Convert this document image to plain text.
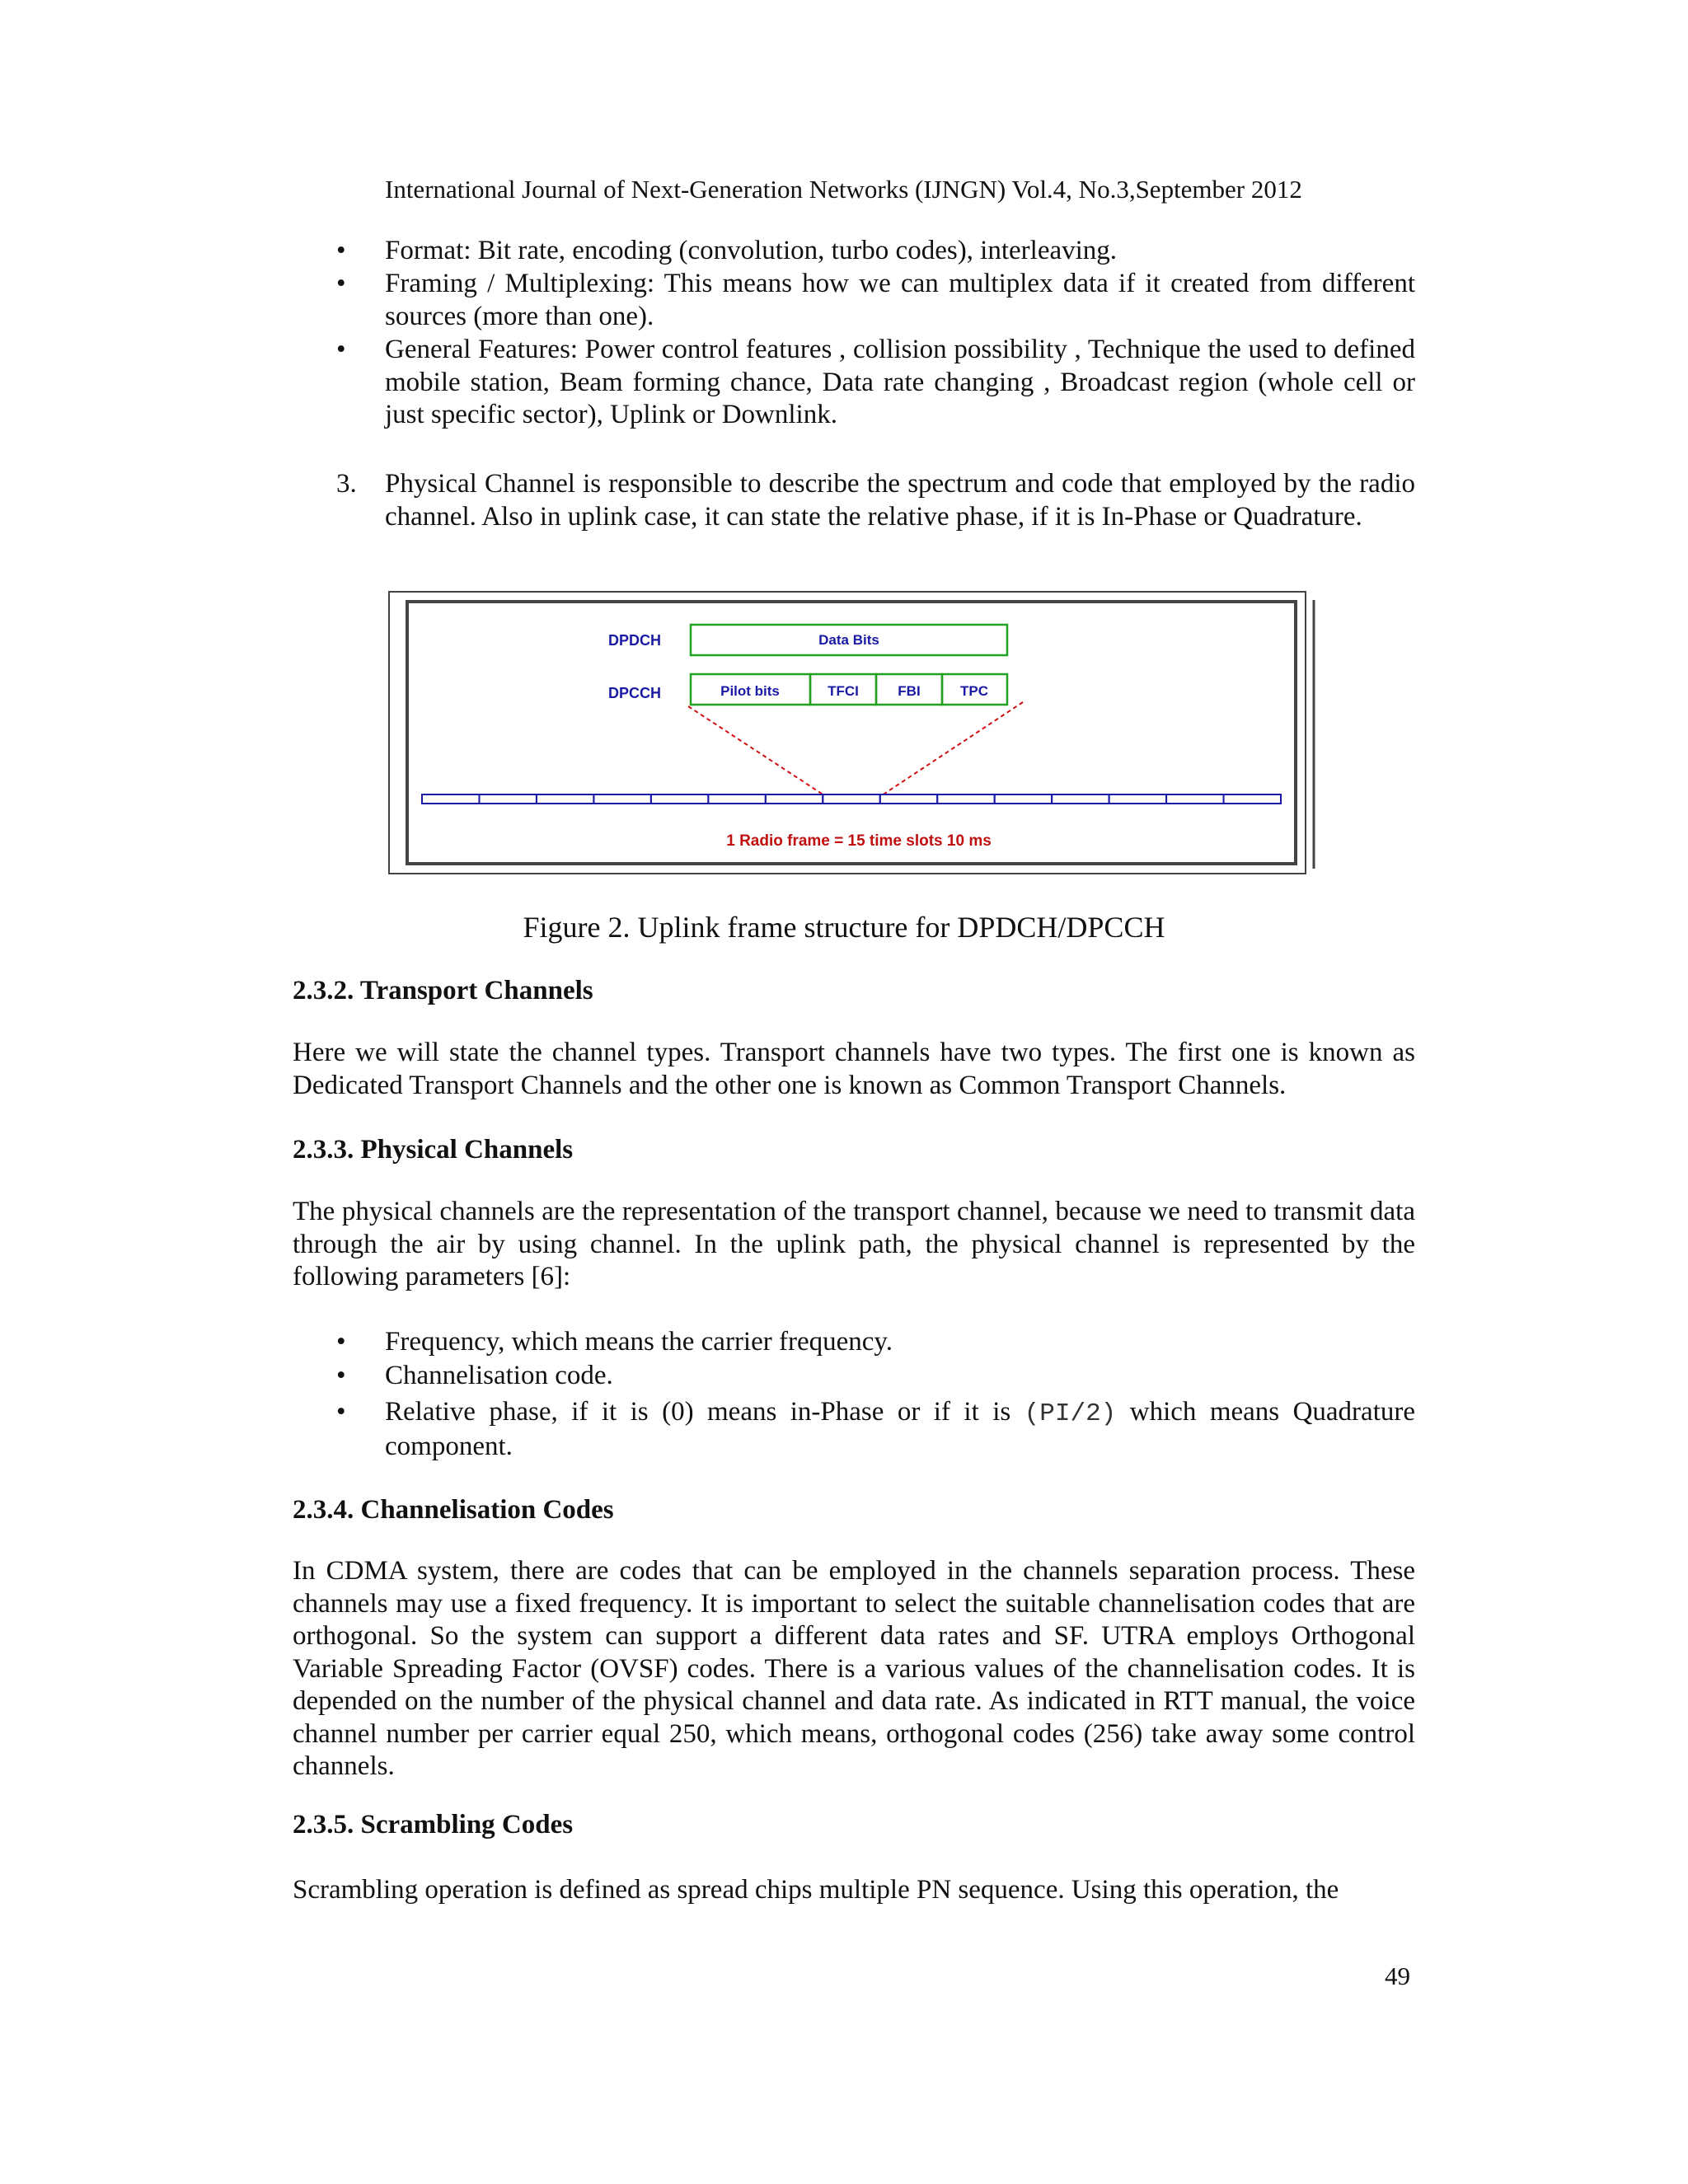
International Journal of Next-Generation Networks (IJNGN) Vol.4, No.3,September 2012
•	Format: Bit rate, encoding (convolution, turbo codes), interleaving.
•	Framing / Multiplexing: This means how we can multiplex data if it created from different sources (more than one).
•	General Features: Power control features , collision possibility , Technique the used to defined mobile station, Beam forming chance, Data rate changing , Broadcast region (whole cell or just specific sector), Uplink or Downlink.
3. Physical Channel is responsible to describe the spectrum and code that employed by the radio channel. Also in uplink case, it can state the relative phase, if it is In-Phase or Quadrature.
DPDCH
DPCCH
Data Bits
Pilot bits	TFCI	FBI	TPC
1 Radio frame = 15 time slots 10 ms
Figure 2. Uplink frame structure for DPDCH/DPCCH
2.3.2. Transport Channels
Here we will state the channel types. Transport channels have two types. The first one is known as Dedicated Transport Channels and the other one is known as Common Transport Channels.
2.3.3. Physical Channels
The physical channels are the representation of the transport channel, because we need to transmit data through the air by using channel. In the uplink path, the physical channel is represented by the following parameters [6]:
•	Frequency, which means the carrier frequency.
•	Channelisation code.
•	Relative phase, if it is (0) means in-Phase or if it is (PI/2) which means Quadrature component.
2.3.4. Channelisation Codes
In CDMA system, there are codes that can be employed in the channels separation process. These channels may use a fixed frequency. It is important to select the suitable channelisation codes that are orthogonal. So the system can support a different data rates and SF. UTRA employs Orthogonal Variable Spreading Factor (OVSF) codes. There is a various values of the channelisation codes. It is depended on the number of the physical channel and data rate. As indicated in RTT manual, the voice channel number per carrier equal 250, which means, orthogonal codes (256) take away some control channels.
2.3.5. Scrambling Codes
Scrambling operation is defined as spread chips multiple PN sequence. Using this operation, the
49
